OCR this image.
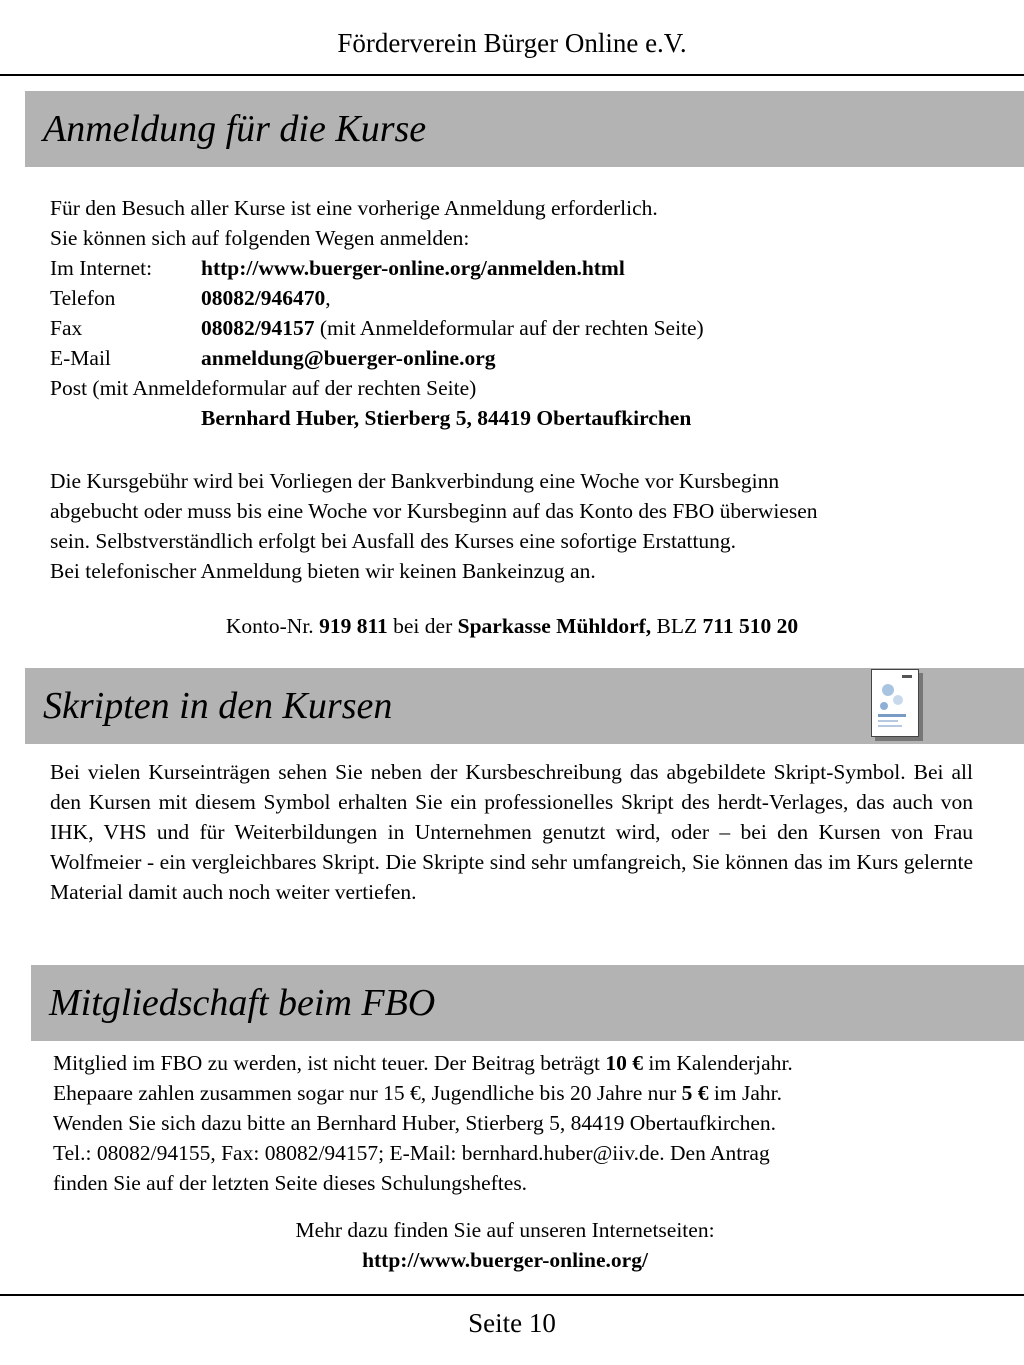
Förderverein Bürger Online e.V.
Anmeldung für die Kurse
Für den Besuch aller Kurse ist eine vorherige Anmeldung erforderlich.
Sie können sich auf folgenden Wegen anmelden:
Im Internet: http://www.buerger-online.org/anmelden.html
Telefon	08082/946470,
Fax	08082/94157 (mit Anmeldeformular auf der rechten Seite)
E-Mail	anmeldung@buerger-online.org
Post (mit Anmeldeformular auf der rechten Seite)
Bernhard Huber, Stierberg 5, 84419 Obertaufkirchen
Die Kursgebühr wird bei Vorliegen der Bankverbindung eine Woche vor Kursbeginn
abgebucht oder muss bis eine Woche vor Kursbeginn auf das Konto des FBO überwiesen
sein. Selbstverständlich erfolgt bei Ausfall des Kurses eine sofortige Erstattung.
Bei telefonischer Anmeldung bieten wir keinen Bankeinzug an.
Konto-Nr. 919 811 bei der Sparkasse Mühldorf, BLZ 711 510 20
Skripten in den Kursen

Bei vielen Kurseinträgen sehen Sie neben der Kursbeschreibung das abgebildete Skript-Symbol. Bei all den Kursen mit diesem Symbol erhalten Sie ein professionelles Skript des herdt-Verlages, das auch von IHK, VHS und für Weiterbildungen in Unternehmen genutzt wird, oder – bei den Kursen von Frau Wolfmeier - ein vergleichbares Skript. Die Skripte sind sehr umfangreich, Sie können das im Kurs gelernte Material damit auch noch weiter vertiefen.

Mitgliedschaft beim FBO
Mitglied im FBO zu werden, ist nicht teuer. Der Beitrag beträgt 10 € im Kalenderjahr.
Ehepaare zahlen zusammen sogar nur 15 €, Jugendliche bis 20 Jahre nur 5 € im Jahr.
Wenden Sie sich dazu bitte an Bernhard Huber, Stierberg 5, 84419 Obertaufkirchen.
Tel.: 08082/94155, Fax: 08082/94157; E-Mail: bernhard.huber@iiv.de. Den Antrag
finden Sie auf der letzten Seite dieses Schulungsheftes.
Mehr dazu finden Sie auf unseren Internetseiten:
http://www.buerger-online.org/
Seite 10
